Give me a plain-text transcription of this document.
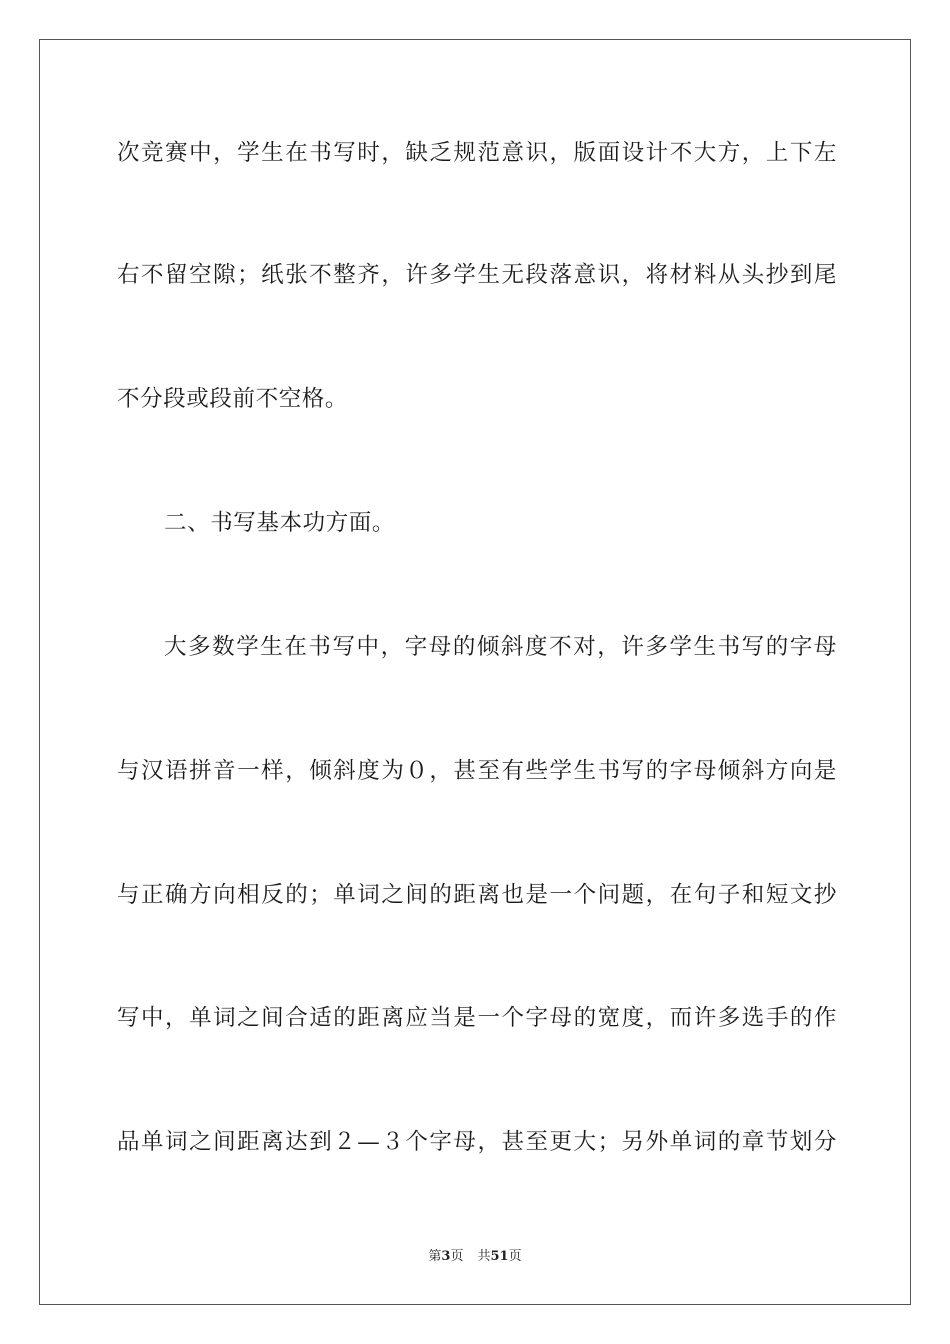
次竞赛中，学生在书写时，缺乏规范意识，版面设计不大方，上下左
右不留空隙；纸张不整齐，许多学生无段落意识，将材料从头抄到尾
不分段或段前不空格。
二、书写基本功方面。
大多数学生在书写中，字母的倾斜度不对，许多学生书写的字母
与汉语拼音一样，倾斜度为０，甚至有些学生书写的字母倾斜方向是
与正确方向相反的；单词之间的距离也是一个问题，在句子和短文抄
写中，单词之间合适的距离应当是一个字母的宽度，而许多选手的作
品单词之间距离达到２—３个字母，甚至更大；另外单词的章节划分
第3页 共51页
